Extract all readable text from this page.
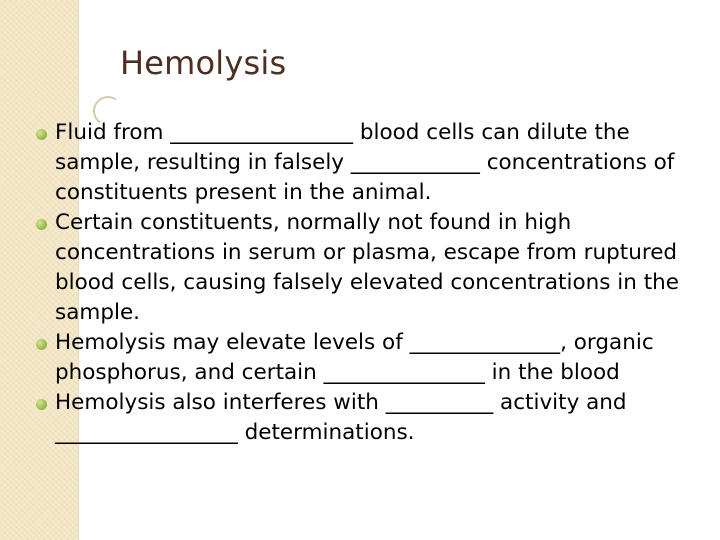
Hemolysis
Fluid from _________________ blood cells can dilute the sample, resulting in falsely ____________ concentrations of constituents present in the animal.
Certain constituents, normally not found in high concentrations in serum or plasma, escape from ruptured blood cells, causing falsely elevated concentrations in the sample.
Hemolysis may elevate levels of ______________, organic phosphorus, and certain _______________ in the blood
Hemolysis also interferes with __________ activity and _________________ determinations.
